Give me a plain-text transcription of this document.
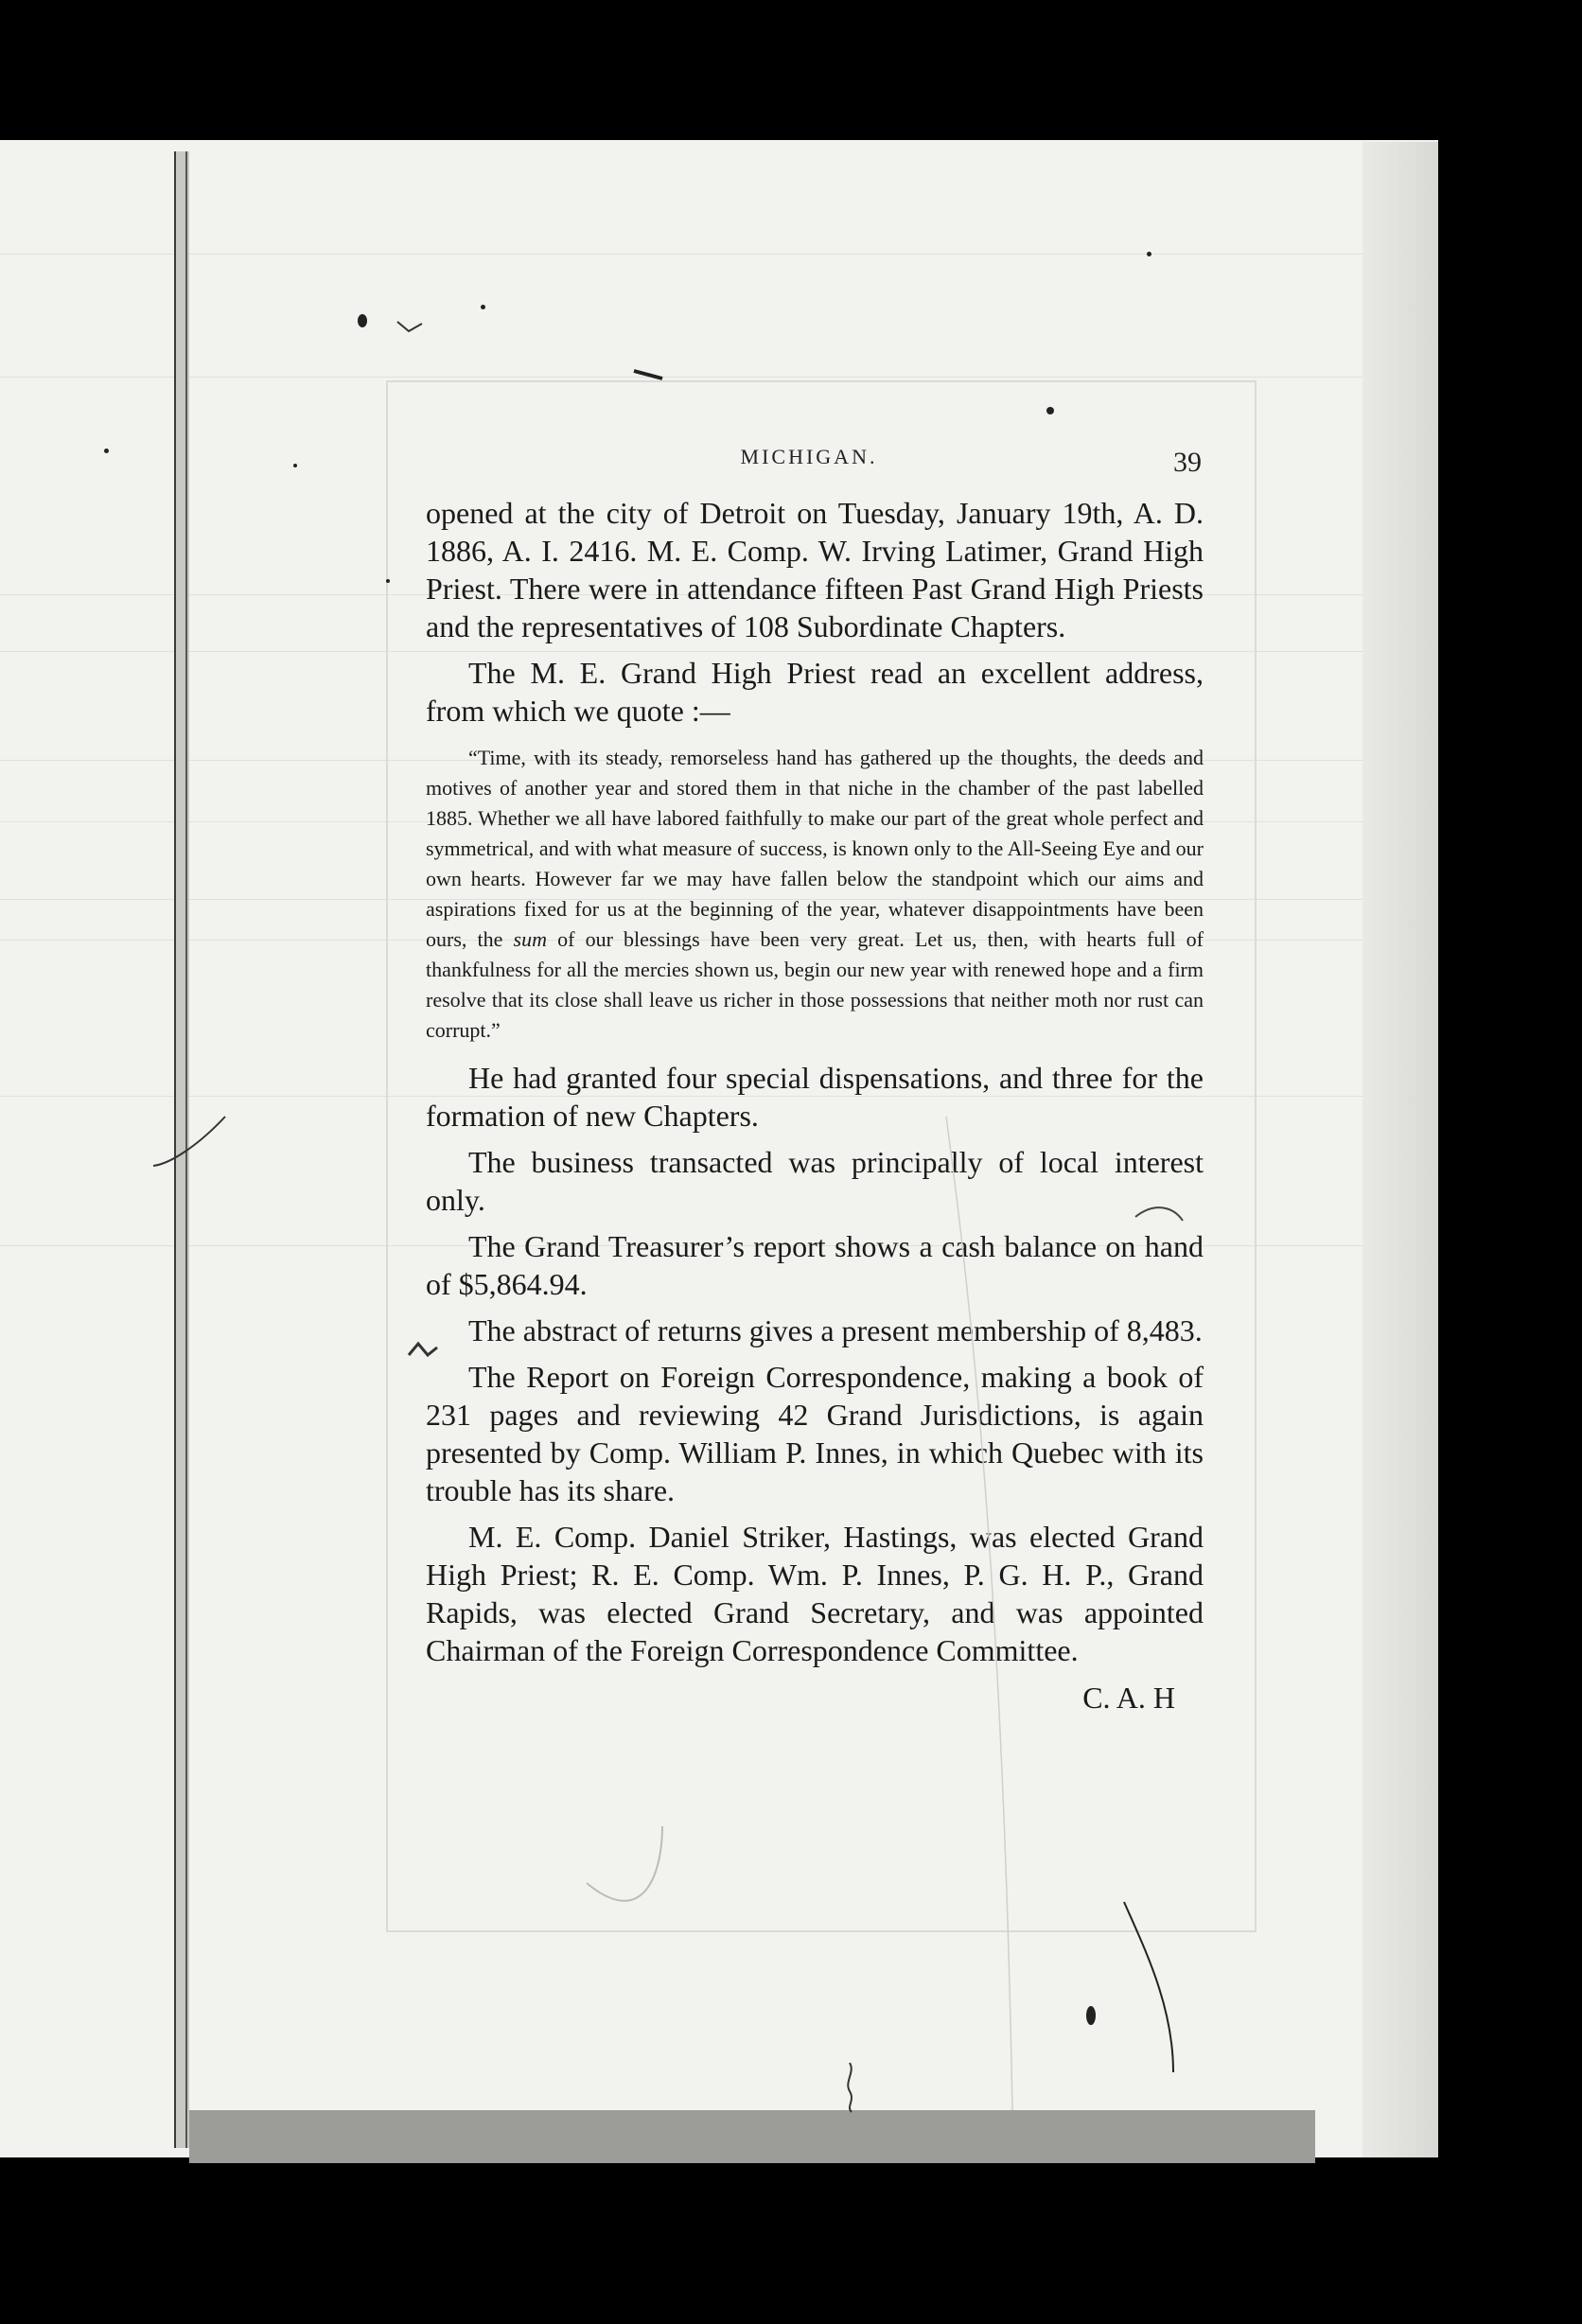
MICHIGAN.	39

opened at the city of Detroit on Tuesday, January 19th, A. D. 1886, A. I. 2416. M. E. Comp. W. Irving Latimer, Grand High Priest. There were in attendance fifteen Past Grand High Priests and the representatives of 108 Subordinate Chapters.

The M. E. Grand High Priest read an excellent address, from which we quote :—

“Time, with its steady, remorseless hand has gathered up the thoughts, the deeds and motives of another year and stored them in that niche in the chamber of the past labelled 1885. Whether we all have labored faithfully to make our part of the great whole perfect and symmetrical, and with what measure of success, is known only to the All-Seeing Eye and our own hearts. However far we may have fallen below the standpoint which our aims and aspirations fixed for us at the beginning of the year, whatever disappointments have been ours, the sum of our blessings have been very great. Let us, then, with hearts full of thankfulness for all the mercies shown us, begin our new year with renewed hope and a firm resolve that its close shall leave us richer in those possessions that neither moth nor rust can corrupt.”

He had granted four special dispensations, and three for the formation of new Chapters.

The business transacted was principally of local interest only.

The Grand Treasurer’s report shows a cash balance on hand of $5,864.94.

The abstract of returns gives a present membership of 8,483.

The Report on Foreign Correspondence, making a book of 231 pages and reviewing 42 Grand Jurisdictions, is again presented by Comp. William P. Innes, in which Quebec with its trouble has its share.

M. E. Comp. Daniel Striker, Hastings, was elected Grand High Priest; R. E. Comp. Wm. P. Innes, P. G. H. P., Grand Rapids, was elected Grand Secretary, and was appointed Chairman of the Foreign Correspondence Committee.

C. A. H
